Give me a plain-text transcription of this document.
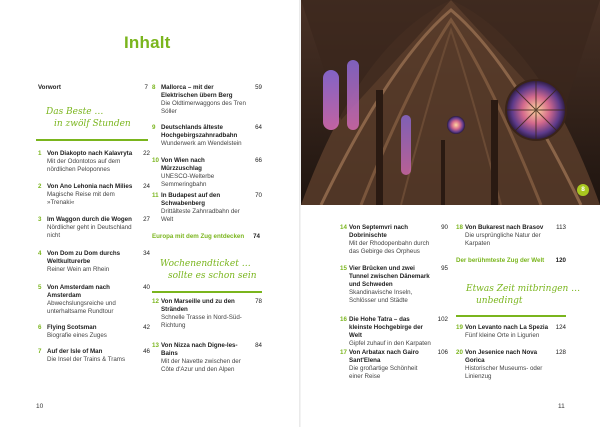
Inhalt
Vorwort	7
Das Beste …
in zwölf Stunden
1 Von Diakopto nach Kalavryta
Mit der Odontotos auf dem nördlichen Peloponnes
22
2 Von Ano Lehonia nach Milies
Magische Reise mit dem »Trenaki«
24
3 Im Waggon durch die Wogen
Nördlicher geht in Deutschland nicht
27
4 Von Dom zu Dom durchs Weltkulturerbe
Reiner Wein am Rhein
34
5 Von Amsterdam nach Amsterdam
Abwechslungsreiche und unterhaltsame Rundtour
40
6 Flying Scotsman
Biografie eines Zuges
42
7 Auf der Isle of Man
Die Insel der Trains & Trams
46
8 Mallorca – mit der Elektrischen übern Berg
Die Oldtimerwaggons des Tren Sóller
59
9 Deutschlands älteste Hochgebirgszahnradbahn
Wunderwerk am Wendelstein
64
10 Von Wien nach Mürzzuschlag
UNESCO-Welterbe Semmeringbahn
66
11 In Budapest auf den Schwabenberg
Drittälteste Zahnradbahn der Welt
70
Europa mit dem Zug entdecken 74
Wochenendticket …
sollte es schon sein
12 Von Marseille und zu den Stränden
Schnelle Trasse in Nord-Süd-Richtung
78
13 Von Nizza nach Digne-les-Bains
Mit der Navette zwischen der Côte d'Azur und den Alpen
84
8
14 Von Septemvri nach Dobrinischte
Mit der Rhodopenbahn durch das Gebirge des Orpheus
90
15 Vier Brücken und zwei Tunnel zwischen Dänemark und Schweden
Skandinavische Inseln, Schlösser und Städte
95
16 Die Hohe Tatra – das kleinste Hochgebirge der Welt
Gipfel zuhauf in den Karpaten
102
17 Von Arbatax nach Gairo Sant'Elena
Die großartige Schönheit einer Reise
106
18 Von Bukarest nach Brasov
Die ursprüngliche Natur der Karpaten
113
Der berühmteste Zug der Welt 120
Etwas Zeit mitbringen …
unbedingt
19 Von Levanto nach La Spezia
Fünf kleine Orte in Ligurien
124
20 Von Jesenice nach Nova Gorica
Historischer Museums- oder Linienzug
128
10	11
